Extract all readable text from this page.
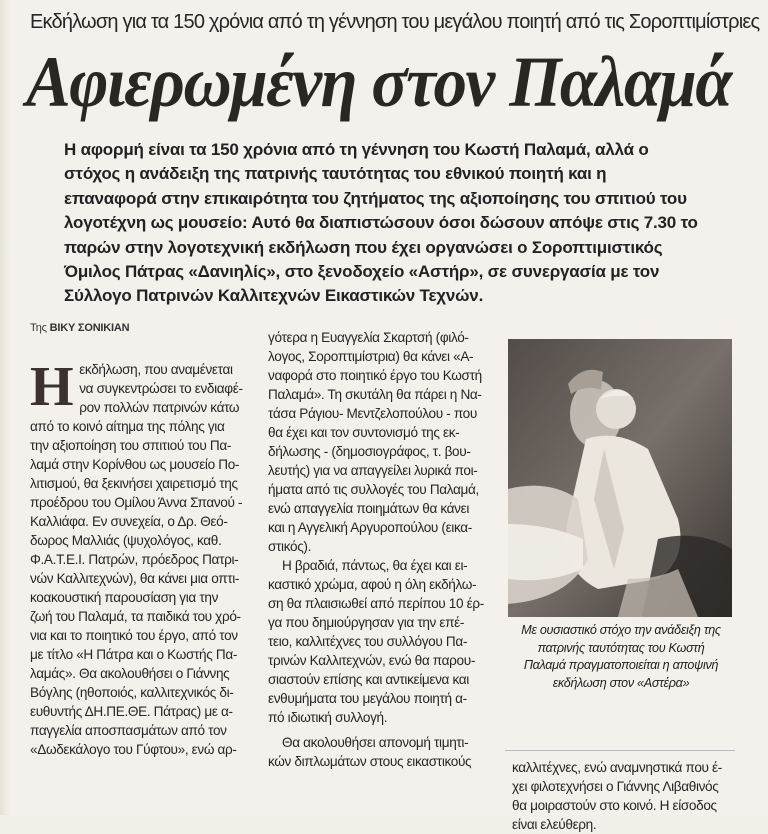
Εκδήλωση για τα 150 χρόνια από τη γέννηση του μεγάλου ποιητή από τις Σοροπτιμίστριες
Αφιερωμένη στον Παλαμά
Η αφορμή είναι τα 150 χρόνια από τη γέννηση του Κωστή Παλαμά, αλλά ο
στόχος η ανάδειξη της πατρινής ταυτότητας του εθνικού ποιητή και η
επαναφορά στην επικαιρότητα του ζητήματος της αξιοποίησης του σπιτιού του
λογοτέχνη ως μουσείο: Αυτό θα διαπιστώσουν όσοι δώσουν απόψε στις 7.30 το
παρών στην λογοτεχνική εκδήλωση που έχει οργανώσει ο Σοροπτιμιστικός
Όμιλος Πάτρας «Δανιηλίς», στο ξενοδοχείο «Αστήρ», σε συνεργασία με τον
Σύλλογο Πατρινών Καλλιτεχνών Εικαστικών Τεχνών.
Της ΒΙΚΥ ΣΟΝΙΚΙΑΝ
Η εκδήλωση, που αναμένεται
να συγκεντρώσει το ενδιαφέ-
ρον πολλών πατρινών κάτω
από το κοινό αίτημα της πόλης για
την αξιοποίηση του σπιτιού του Πα-
λαμά στην Κορίνθου ως μουσείο Πο-
λιτισμού, θα ξεκινήσει χαιρετισμό της
προέδρου του Ομίλου Άννα Σπανού -
Καλλιάφα. Εν συνεχεία, ο Δρ. Θεό-
δωρος Μαλλιάς (ψυχολόγος, καθ.
Φ.Α.Τ.Ε.Ι. Πατρών, πρόεδρος Πατρι-
νών Καλλιτεχνών), θα κάνει μια οπτι-
κοακουστική παρουσίαση για την
ζωή του Παλαμά, τα παιδικά του χρό-
νια και το ποιητικό του έργο, από τον
με τίτλο «Η Πάτρα και ο Κωστής Πα-
λαμάς». Θα ακολουθήσει ο Γιάννης
Βόγλης (ηθοποιός, καλλιτεχνικός δι-
ευθυντής ΔΗ.ΠΕ.ΘΕ. Πάτρας) με α-
παγγελία αποσπασμάτων από τον
«Δωδεκάλογο του Γύφτου», ενώ αρ-
γότερα η Ευαγγελία Σκαρτσή (φιλό-
λογος, Σοροπτιμίστρια) θα κάνει «Α-
ναφορά στο ποιητικό έργο του Κωστή
Παλαμά». Τη σκυτάλη θα πάρει η Να-
τάσα Ράγιου- Μεντζελοπούλου - που
θα έχει και τον συντονισμό της εκ-
δήλωσης - (δημοσιογράφος, τ. βου-
λευτής) για να απαγγείλει λυρικά ποι-
ήματα από τις συλλογές του Παλαμά,
ενώ απαγγελία ποιημάτων θα κάνει
και η Αγγελική Αργυροπούλου (εικα-
στικός).
Η βραδιά, πάντως, θα έχει και ει-
καστικό χρώμα, αφού η όλη εκδήλω-
ση θα πλαισιωθεί από περίπου 10 έρ-
γα που δημιούργησαν για την επέ-
τειο, καλλιτέχνες του συλλόγου Πα-
τρινών Καλλιτεχνών, ενώ θα παρου-
σιαστούν επίσης και αντικείμενα και
ενθυμήματα του μεγάλου ποιητή α-
πό ιδιωτική συλλογή.
Θα ακολουθήσει απονομή τιμητι-
κών διπλωμάτων στους εικαστικούς
Με ουσιαστικό στόχο την ανάδειξη της
πατρινής ταυτότητας του Κωστή
Παλαμά πραγματοποιείται η αποψινή
εκδήλωση στον «Αστέρα»
καλλιτέχνες, ενώ αναμνηστικά που έ-
χει φιλοτεχνήσει ο Γιάννης Λιβαθινός
θα μοιραστούν στο κοινό. Η είσοδος
είναι ελεύθερη.
